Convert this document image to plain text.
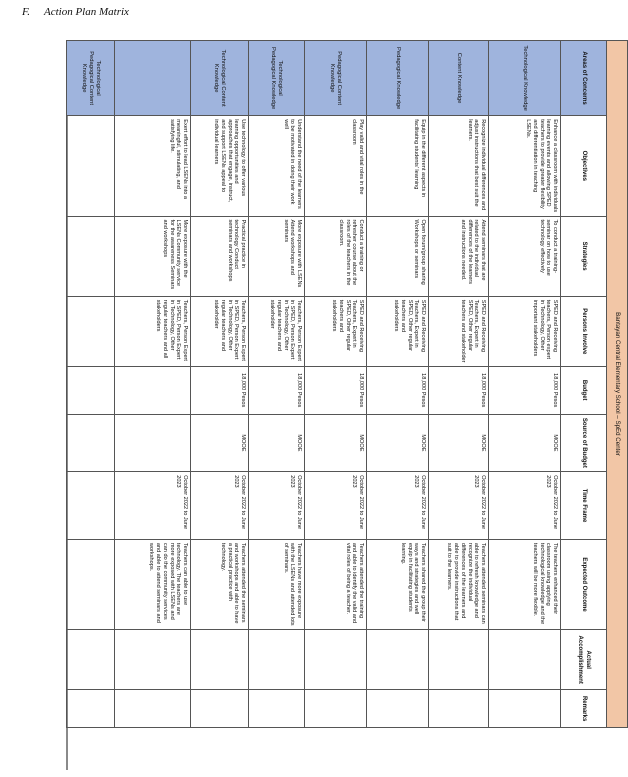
F. Action Plan Matrix
Bantayan Central Elementary School – SpEd Center									
Areas of Concerns	Objectives	Strategies	Persons Involve	Budget	Source of Budget	Time Frame	Expected Outcome	Actual Accomplishment	Remarks
Technological Knowledge	Enhance a classroom with individuals learning events and allowing SPED teachers to provide greater flexibility and differentiation in teaching LSENs.	To conduct a training-seminar on how to use technology effectively	SPED and Receiving teachers, Person expert in Technology, Other important stakeholders	18,000 Pesos	MOOE	October 2022 to June 2023	The teachers enhanced their classroom using applying technological knowledge and the teachers will be more flexible.		
Content Knowledge	Recognize individual differences and adjust instructions that best suit the learners.	Attend seminars that are related to the individual differences of the learners and instructions needed.	SPED and Receiving Teachers, Expert in SPED, Other regular teachers and stakeholder	18,000 Pesos	MOOE	October 2022 to June 2023	Teachers attended seminars can able to refresh knowledge and recognize the individual differences of the learners and able to provide instructions that suit to the learners.		
Pedagogical Knowledge	Equip in the different aspects in facilitating students' learning	Open forum/group sharing Workshops or seminars	SPED and Receiving Teachers, Expert in SPED, Other regular teachers and stakeholders	18,000 Pesos	MOOE	October 2022 to June 2023	Teachers shared the group their ways and strategies and well equip in facilitating students learning.		
Pedagogical Content Knowledge	Play valid and vital roles in the classroom	Conduct a training or refresher course about the roles of the teachers in the classroom.	SPED and Receiving Teachers, Expert in SPED, Other regular teachers and stakeholders	18,000 Pesos	MOOE	October 2022 to June 2023	Teachers attended the training and able to identify the valid and vital roles of being a teacher.		
Technological Pedagogical Knowledge	Understand the need of the learners to be motivated in doing their work well	More exposure with LSENs Attend workshops and seminars	Teachers, Person Expert in SPED, Person Expert in Technology, Other regular teachers and stakeholder	18,000 Pesos	MOOE	October 2022 to June 2023	Teachers have more exposure with the LSENs and attended lots of seminars.		
Technological Content Knowledge	Use technology to offer various learning opportunities and approaches that engage, instruct, and support LSENs appeal to individual learners	Practical practice in technology Conduct seminars and workshops	Teachers, Person Expert in SPED, Person Expert in Technology, Other regular teachers and stakeholder	18,000 Pesos	MOOE	October 2022 to June 2023	Teachers attended the seminars and workshops and able to have a practical practice with technology.		
	Exert effort to lead LSENs into a meaningful, stimulating, and satisfying life.	More exposure with the LSENs Community service for the awareness Seminars and workshops	Teachers, Person Expert in SPED, Person Expert in Technology, Other regular teachers and all stakeholders			October 2022 to June 2023	Teachers can able to use technology. The teachers are more exposed with LSENs and can do the community services and able to attend seminars and workshops.		
Technological Pedagogical Content Knowledge									
